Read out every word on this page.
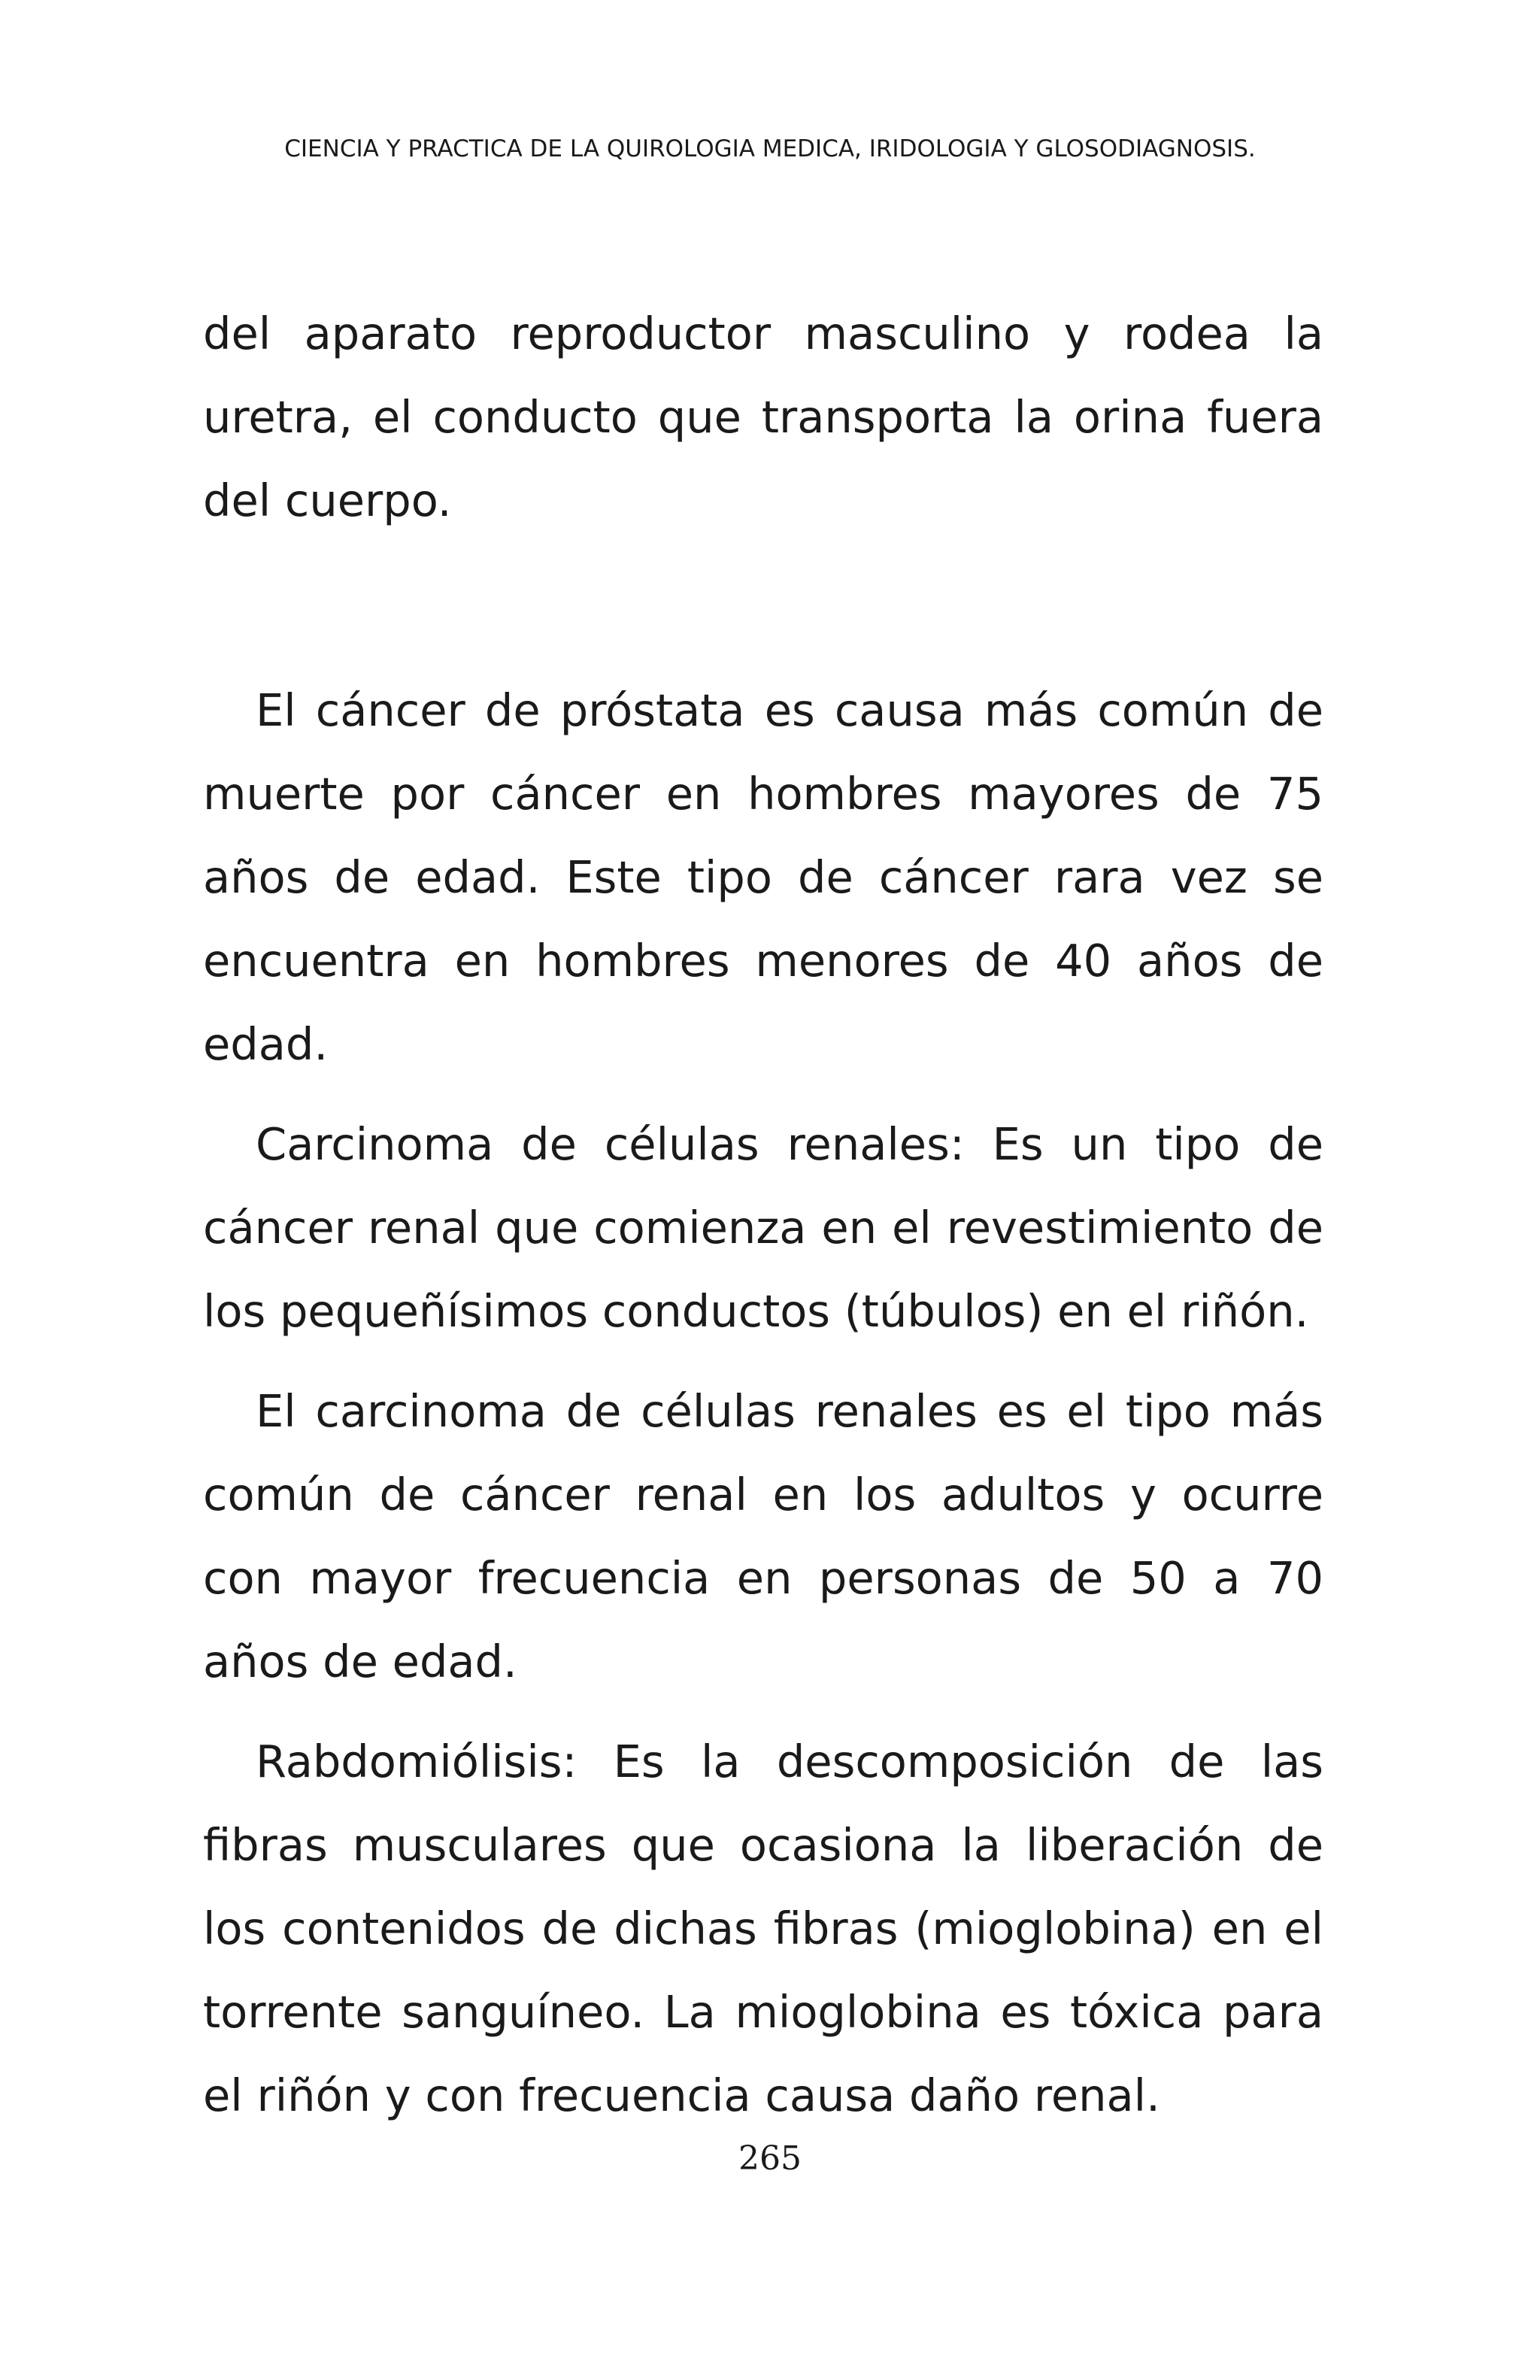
CIENCIA Y PRACTICA DE LA QUIROLOGIA MEDICA, IRIDOLOGIA Y GLOSODIAGNOSIS.

del aparato reproductor masculino y rodea la uretra, el conducto que transporta la orina fuera del cuerpo.

El cáncer de próstata es causa más común de muerte por cáncer en hombres mayores de 75 años de edad. Este tipo de cáncer rara vez se encuentra en hombres menores de 40 años de edad.

Carcinoma de células renales: Es un tipo de cáncer renal que comienza en el revestimiento de los pequeñísimos conductos (túbulos) en el riñón.

El carcinoma de células renales es el tipo más común de cáncer renal en los adultos y ocurre con mayor frecuencia en personas de 50 a 70 años de edad.

Rabdomiólisis: Es la descomposición de las fibras musculares que ocasiona la liberación de los contenidos de dichas fibras (mioglobina) en el torrente sanguíneo. La mioglobina es tóxica para el riñón y con frecuencia causa daño renal.

265
